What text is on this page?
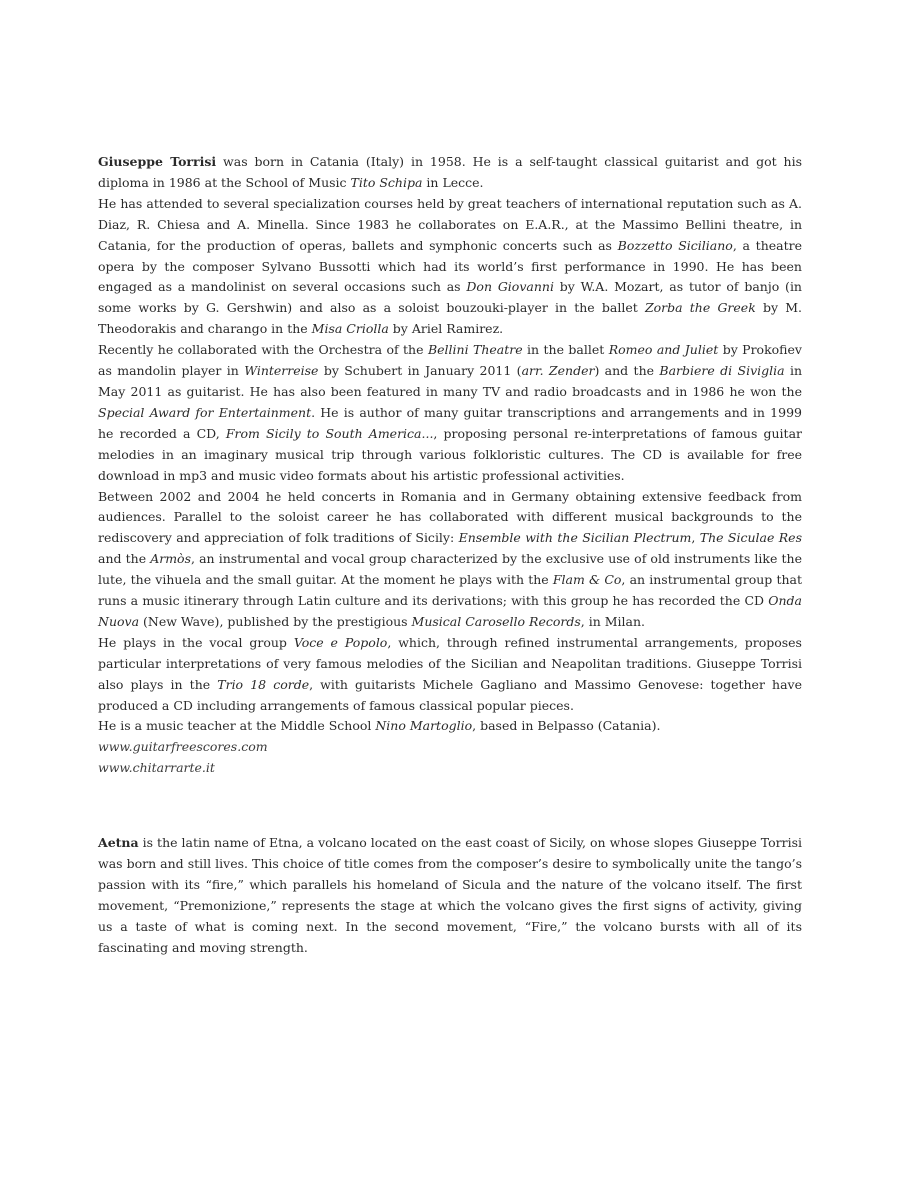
Giuseppe Torrisi was born in Catania (Italy) in 1958. He is a self-taught classical guitarist and got his diploma in 1986 at the School of Music Tito Schipa in Lecce.

He has attended to several specialization courses held by great teachers of international reputation such as A. Diaz, R. Chiesa and A. Minella. Since 1983 he collaborates on E.A.R., at the Massimo Bellini theatre, in Catania, for the production of operas, ballets and symphonic concerts such as Bozzetto Siciliano, a theatre opera by the composer Sylvano Bussotti which had its world’s first performance in 1990. He has been engaged as a mandolinist on several occasions such as Don Giovanni by W.A. Mozart, as tutor of banjo (in some works by G. Gershwin) and also as a soloist bouzouki-player in the ballet Zorba the Greek by M. Theodorakis and charango in the Misa Criolla by Ariel Ramirez.

Recently he collaborated with the Orchestra of the Bellini Theatre in the ballet Romeo and Juliet by Prokofiev as mandolin player in Winterreise by Schubert in January 2011 (arr. Zender) and the Barbiere di Siviglia in May 2011 as guitarist. He has also been featured in many TV and radio broadcasts and in 1986 he won the Special Award for Entertainment. He is author of many guitar transcriptions and arrangements and in 1999 he recorded a CD, From Sicily to South America..., proposing personal re-interpretations of famous guitar melodies in an imaginary musical trip through various folkloristic cultures. The CD is available for free download in mp3 and music video formats about his artistic professional activities.

Between 2002 and 2004 he held concerts in Romania and in Germany obtaining extensive feedback from audiences. Parallel to the soloist career he has collaborated with different musical backgrounds to the rediscovery and appreciation of folk traditions of Sicily: Ensemble with the Sicilian Plectrum, The Siculae Res and the Armòs, an instrumental and vocal group characterized by the exclusive use of old instruments like the lute, the vihuela and the small guitar. At the moment he plays with the Flam & Co, an instrumental group that runs a music itinerary through Latin culture and its derivations; with this group he has recorded the CD Onda Nuova (New Wave), published by the prestigious Musical Carosello Records, in Milan.

He plays in the vocal group Voce e Popolo, which, through refined instrumental arrangements, proposes particular interpretations of very famous melodies of the Sicilian and Neapolitan traditions. Giuseppe Torrisi also plays in the Trio 18 corde, with guitarists Michele Gagliano and Massimo Genovese: together have produced a CD including arrangements of famous classical popular pieces.

He is a music teacher at the Middle School Nino Martoglio, based in Belpasso (Catania).

www.guitarfreescores.com

www.chitarrarte.it

Aetna is the latin name of Etna, a volcano located on the east coast of Sicily, on whose slopes Giuseppe Torrisi was born and still lives. This choice of title comes from the composer’s desire to symbolically unite the tango’s passion with its “fire,” which parallels his homeland of Sicula and the nature of the volcano itself. The first movement, “Premonizione,” represents the stage at which the volcano gives the first signs of activity, giving us a taste of what is coming next. In the second movement, “Fire,” the volcano bursts with all of its fascinating and moving strength.
